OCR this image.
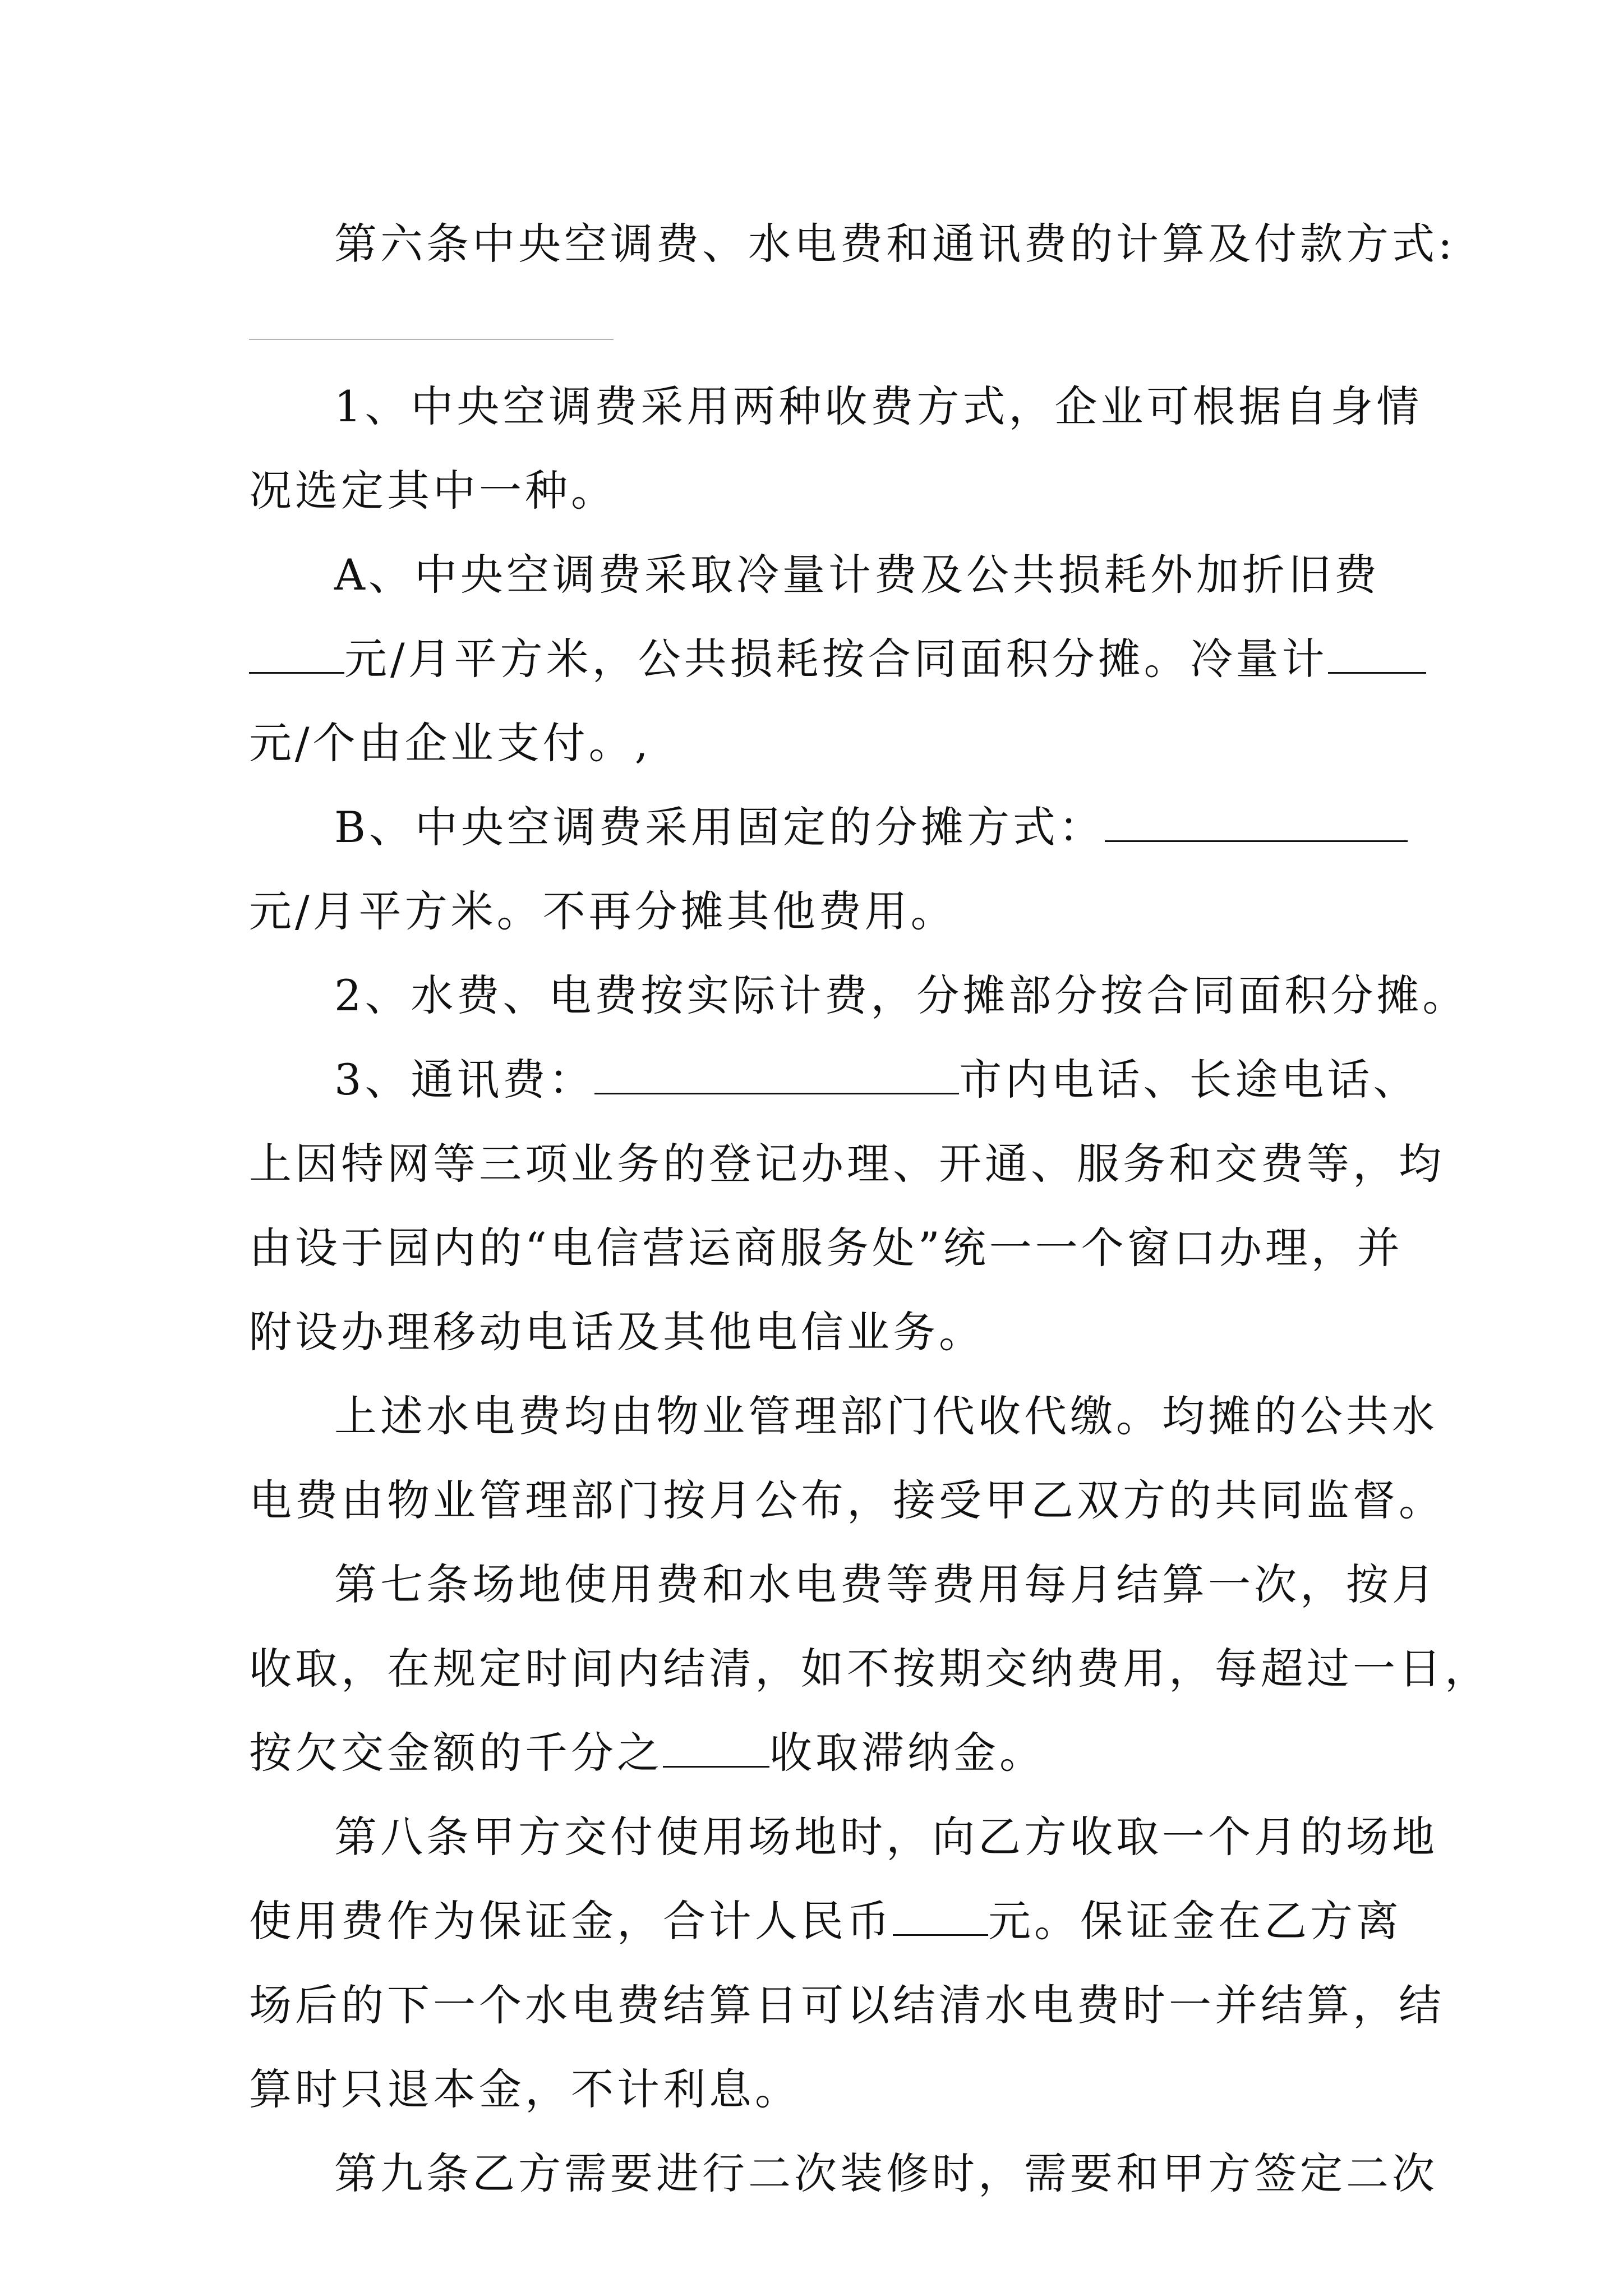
第六条中央空调费、水电费和通讯费的计算及付款方式:
1、中央空调费采用两种收费方式，企业可根据自身情
况选定其中一种。
A、中央空调费采取冷量计费及公共损耗外加折旧费
元/月平方米，公共损耗按合同面积分摊。冷量计
元/个由企业支付。,
B、中央空调费采用固定的分摊方式：
元/月平方米。不再分摊其他费用。
2、水费、电费按实际计费，分摊部分按合同面积分摊。
3、通讯费：	市内电话、长途电话、
上因特网等三项业务的登记办理、开通、服务和交费等，均
由设于园内的“电信营运商服务处”统一一个窗口办理，并
附设办理移动电话及其他电信业务。
上述水电费均由物业管理部门代收代缴。均摊的公共水
电费由物业管理部门按月公布，接受甲乙双方的共同监督。
第七条场地使用费和水电费等费用每月结算一次，按月
收取，在规定时间内结清，如不按期交纳费用，每超过一日，
按欠交金额的千分之	收取滞纳金。
第八条甲方交付使用场地时，向乙方收取一个月的场地
使用费作为保证金，合计人民币 元。保证金在乙方离
场后的下一个水电费结算日可以结清水电费时一并结算，结
算时只退本金，不计利息。
第九条乙方需要进行二次装修时，需要和甲方签定二次
